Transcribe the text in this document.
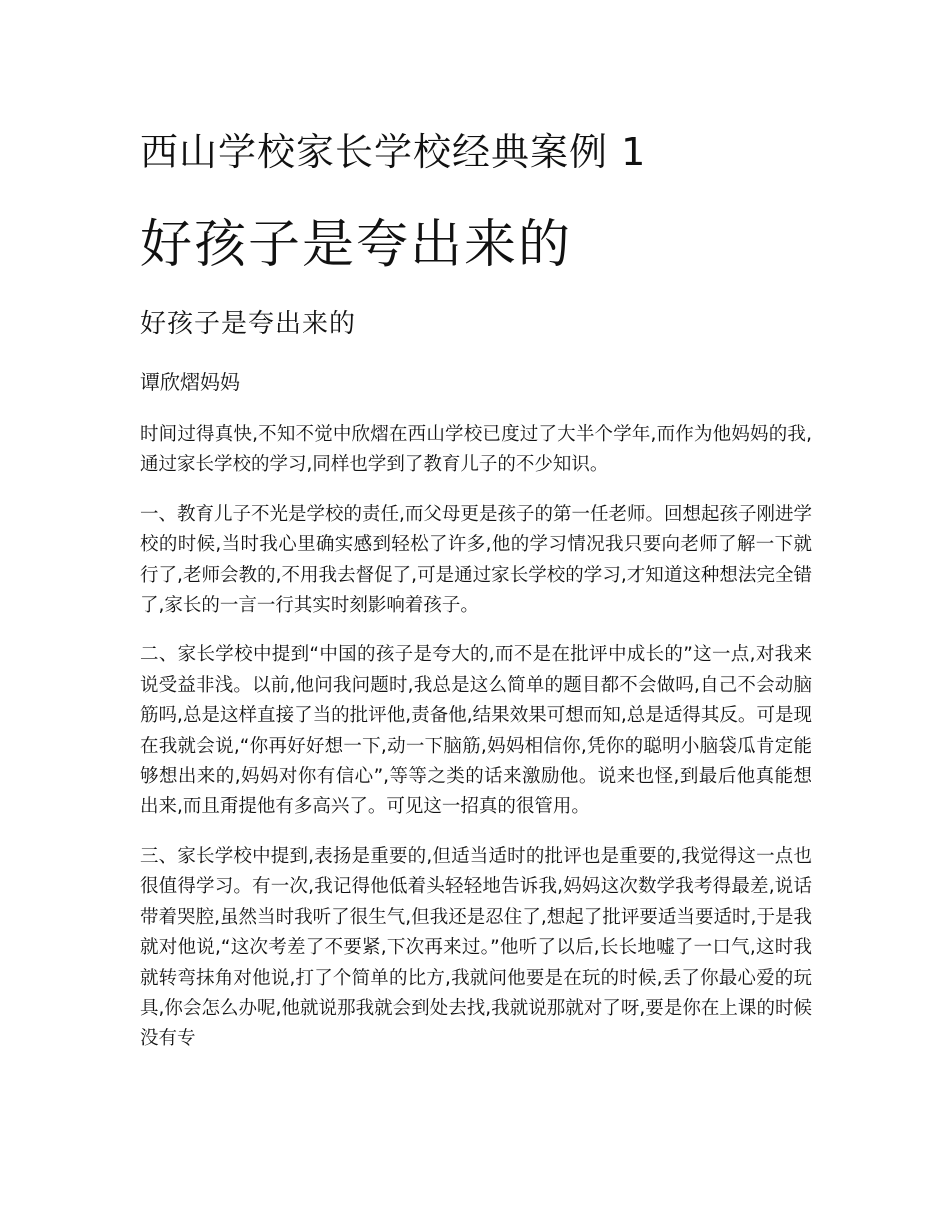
西山学校家长学校经典案例 1
好孩子是夸出来的
好孩子是夸出来的

谭欣熠妈妈

时间过得真快,不知不觉中欣熠在西山学校已度过了大半个学年,而作为他妈妈的我,通过家长学校的学习,同样也学到了教育儿子的不少知识。

一、教育儿子不光是学校的责任,而父母更是孩子的第一任老师。回想起孩子刚进学校的时候,当时我心里确实感到轻松了许多,他的学习情况我只要向老师了解一下就行了,老师会教的,不用我去督促了,可是通过家长学校的学习,才知道这种想法完全错了,家长的一言一行其实时刻影响着孩子。

二、家长学校中提到“中国的孩子是夸大的,而不是在批评中成长的”这一点,对我来说受益非浅。以前,他问我问题时,我总是这么简单的题目都不会做吗,自己不会动脑筋吗,总是这样直接了当的批评他,责备他,结果效果可想而知,总是适得其反。可是现在我就会说,“你再好好想一下,动一下脑筋,妈妈相信你,凭你的聪明小脑袋瓜肯定能够想出来的,妈妈对你有信心”,等等之类的话来激励他。说来也怪,到最后他真能想出来,而且甭提他有多高兴了。可见这一招真的很管用。

三、家长学校中提到,表扬是重要的,但适当适时的批评也是重要的,我觉得这一点也很值得学习。有一次,我记得他低着头轻轻地告诉我,妈妈这次数学我考得最差,说话带着哭腔,虽然当时我听了很生气,但我还是忍住了,想起了批评要适当要适时,于是我就对他说,“这次考差了不要紧,下次再来过。”他听了以后,长长地嘘了一口气,这时我就转弯抹角对他说,打了个简单的比方,我就问他要是在玩的时候,丢了你最心爱的玩具,你会怎么办呢,他就说那我就会到处去找,我就说那就对了呀,要是你在上课的时候没有专
